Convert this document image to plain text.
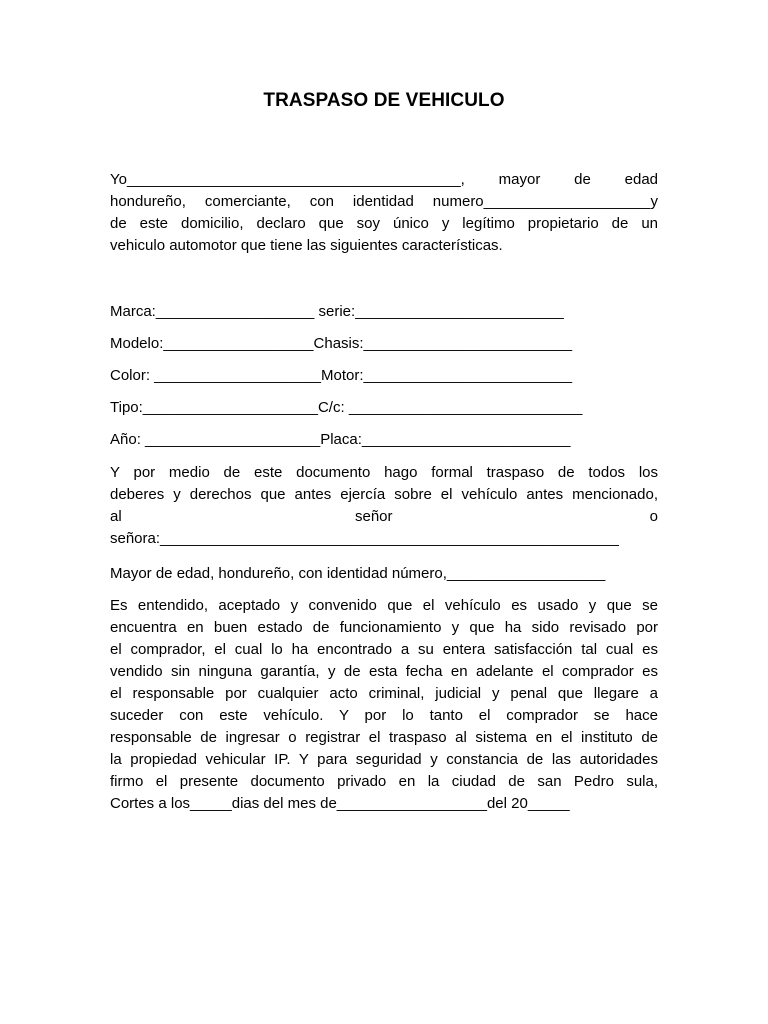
TRASPASO DE VEHICULO
Yo________________________________________, mayor de edad
hondureño, comerciante, con identidad numero____________________y
de este domicilio, declaro que soy único y legítimo propietario de un
vehiculo automotor que tiene las siguientes características.
Marca:___________________ serie:_________________________
Modelo:__________________Chasis:_________________________
Color: ____________________Motor:_________________________
Tipo:_____________________C/c: ____________________________
Año: _____________________Placa:_________________________
Y por medio de este documento hago formal traspaso de todos los
deberes y derechos que antes ejercía sobre el vehículo antes mencionado,
al	señor	o
señora:_______________________________________________________
Mayor de edad, hondureño, con identidad número,___________________
Es entendido, aceptado y convenido que el vehículo es usado y que se
encuentra en buen estado de funcionamiento y que ha sido revisado por
el comprador, el cual lo ha encontrado a su entera satisfacción tal cual es
vendido sin ninguna garantía, y de esta fecha en adelante el comprador es
el responsable por cualquier acto criminal, judicial y penal que llegare a
suceder con este vehículo. Y por lo tanto el comprador se hace
responsable de ingresar o registrar el traspaso al sistema en el instituto de
la propiedad vehicular IP. Y para seguridad y constancia de las autoridades
firmo el presente documento privado en la ciudad de san Pedro sula,
Cortes a los_____dias del mes de__________________del 20_____
